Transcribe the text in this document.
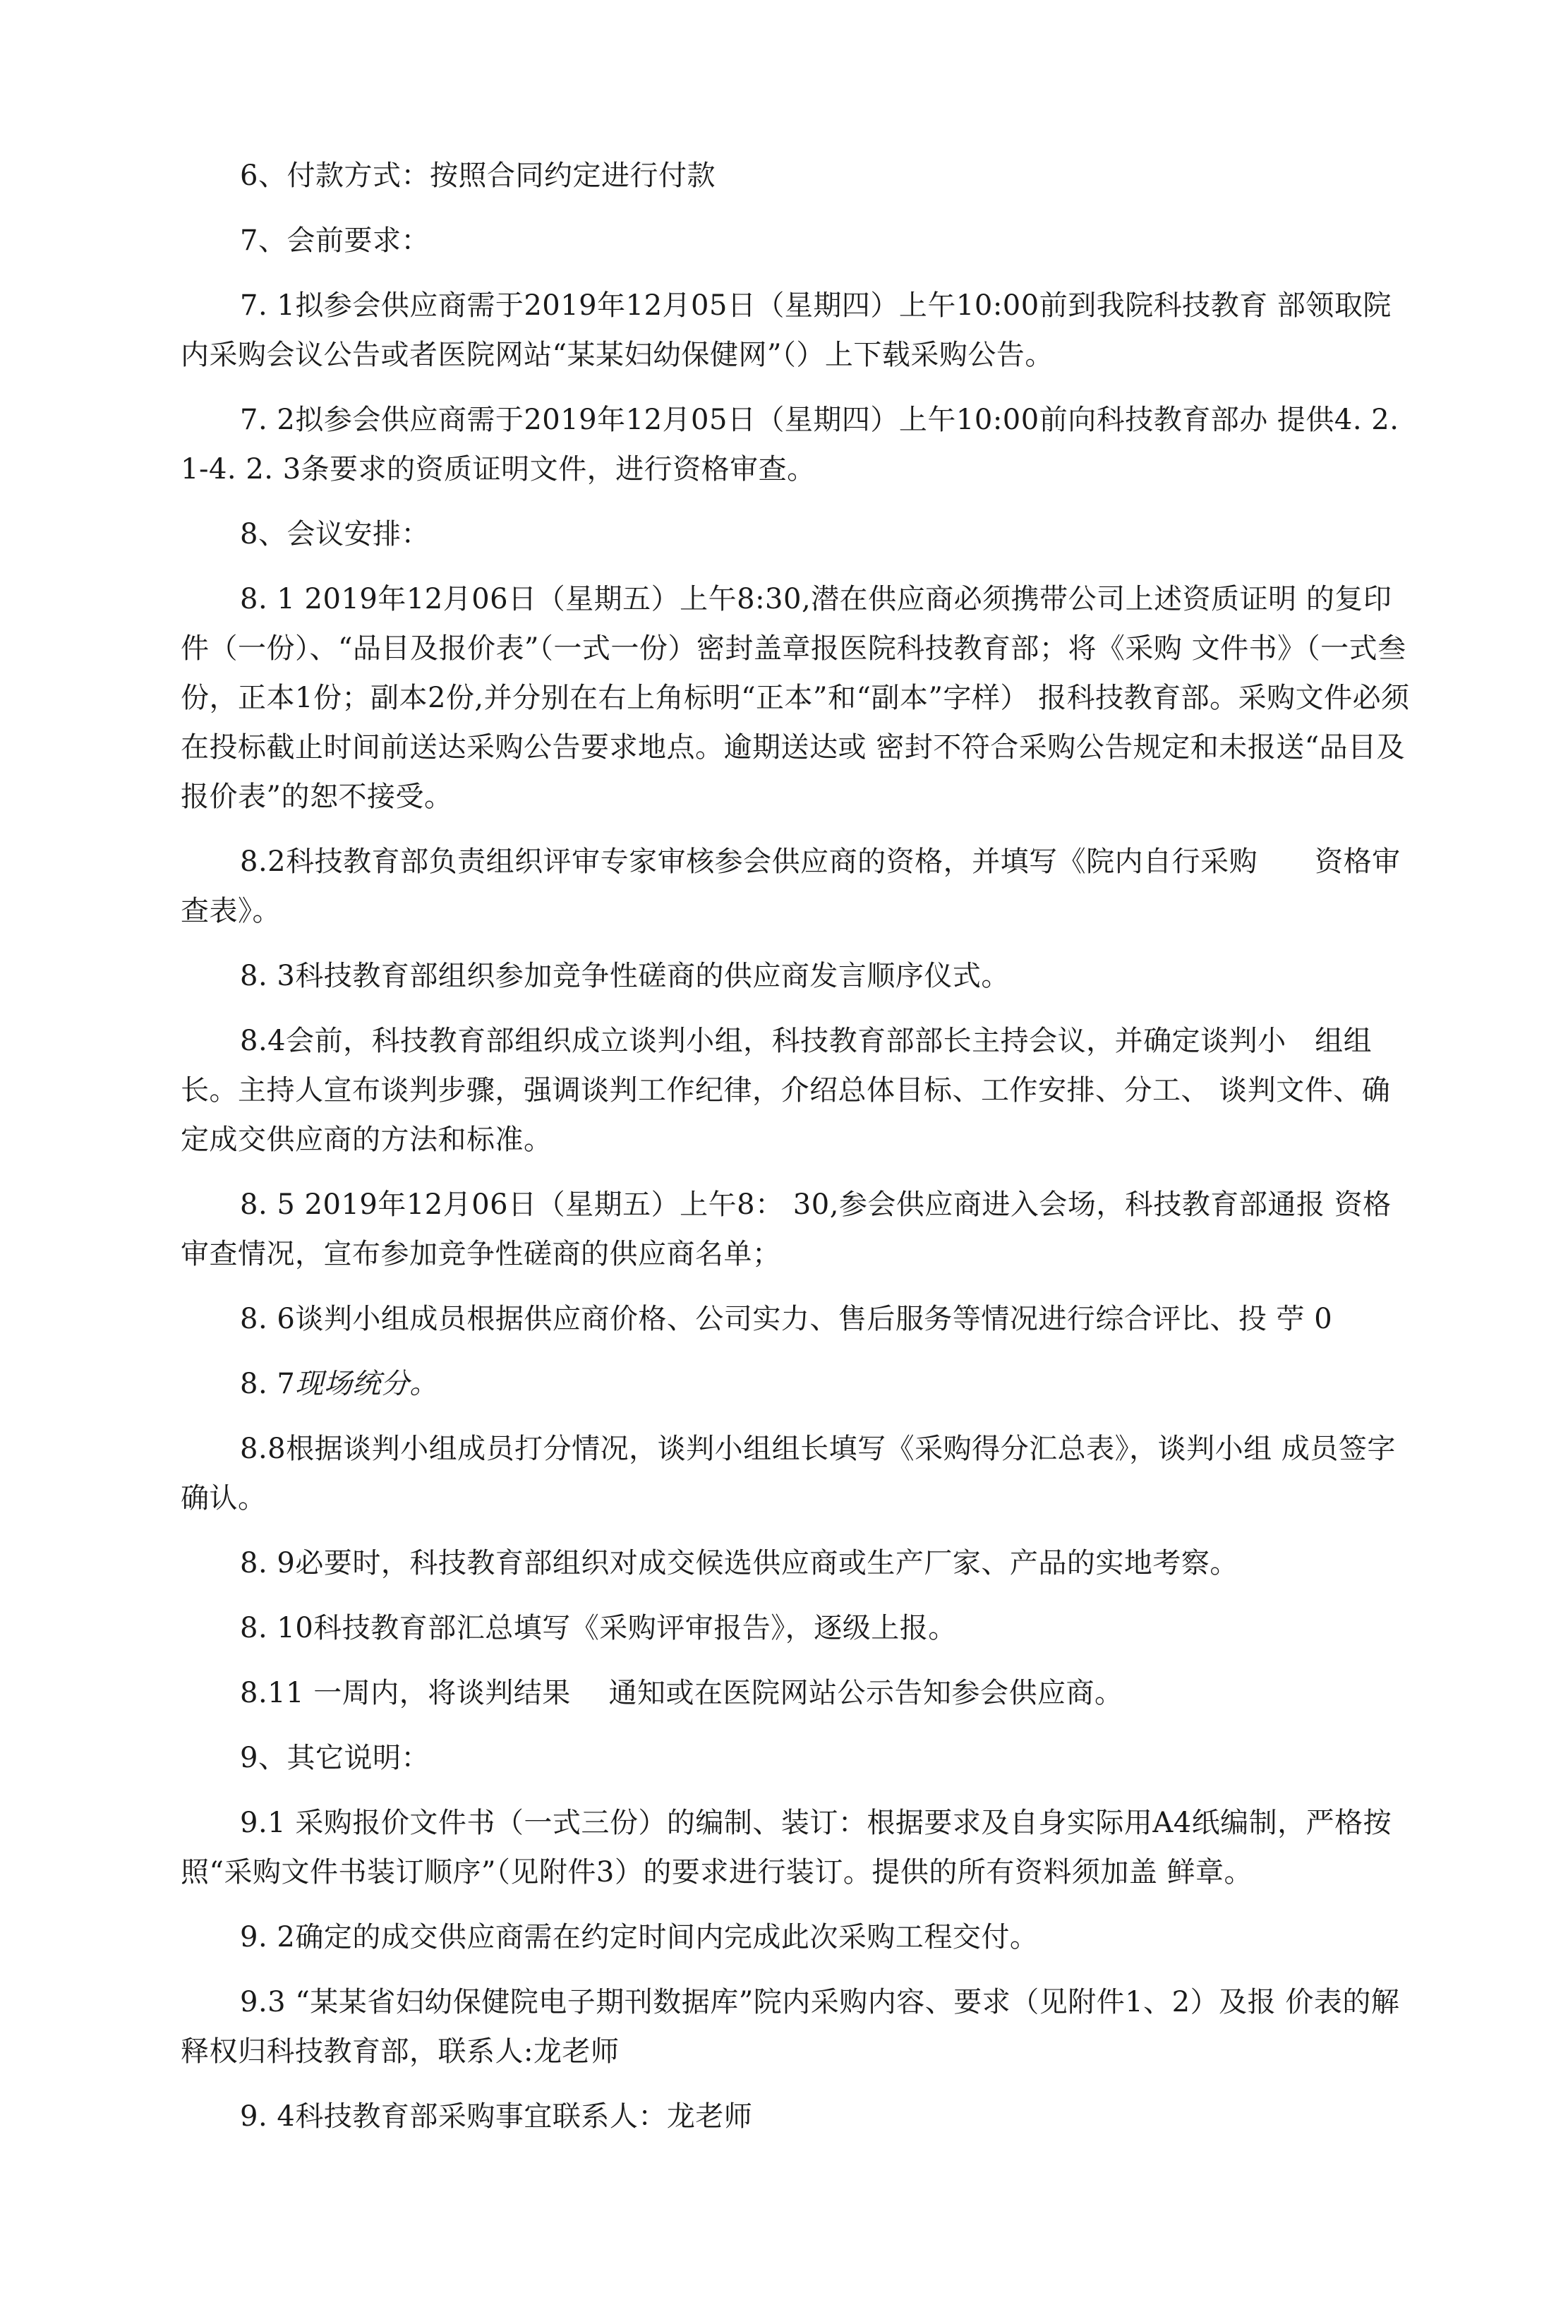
6、付款方式：按照合同约定进行付款

7、会前要求：

7. 1拟参会供应商需于2019年12月05日（星期四）上午10:00前到我院科技教育 部领取院内采购会议公告或者医院网站“某某妇幼保健网”（）上下载采购公告。

7. 2拟参会供应商需于2019年12月05日（星期四）上午10:00前向科技教育部办 提供4. 2. 1-4. 2. 3条要求的资质证明文件，进行资格审查。

8、会议安排：

8. 1 2019年12月06日（星期五）上午8:30,潜在供应商必须携带公司上述资质证明 的复印件（一份）、“品目及报价表”（一式一份）密封盖章报医院科技教育部；将《采购 文件书》（一式叁份，正本1份；副本2份,并分别在右上角标明“正本”和“副本”字样） 报科技教育部。采购文件必须在投标截止时间前送达采购公告要求地点。逾期送达或 密封不符合采购公告规定和未报送“品目及报价表”的恕不接受。

8.2科技教育部负责组织评审专家审核参会供应商的资格，并填写《院内自行采购　　资格审查表》。

8. 3科技教育部组织参加竞争性磋商的供应商发言顺序仪式。

8.4会前，科技教育部组织成立谈判小组，科技教育部部长主持会议，并确定谈判小　组组长。主持人宣布谈判步骤，强调谈判工作纪律，介绍总体目标、工作安排、分工、 谈判文件、确定成交供应商的方法和标准。

8. 5 2019年12月06日（星期五）上午8： 30,参会供应商进入会场，科技教育部通报 资格审查情况，宣布参加竞争性磋商的供应商名单；

8. 6谈判小组成员根据供应商价格、公司实力、售后服务等情况进行综合评比、投 苧 0

8. 7现场统分。

8.8根据谈判小组成员打分情况，谈判小组组长填写《采购得分汇总表》，谈判小组 成员签字确认。

8. 9必要时，科技教育部组织对成交候选供应商或生产厂家、产品的实地考察。

8. 10科技教育部汇总填写《采购评审报告》，逐级上报。

8.11 一周内，将谈判结果　 通知或在医院网站公示告知参会供应商。

9、其它说明：

9.1 采购报价文件书（一式三份）的编制、装订：根据要求及自身实际用A4纸编制，严格按照“采购文件书装订顺序”（见附件3）的要求进行装订。提供的所有资料须加盖 鲜章。

9. 2确定的成交供应商需在约定时间内完成此次采购工程交付。

9.3 “某某省妇幼保健院电子期刊数据库”院内采购内容、要求（见附件1、2）及报 价表的解释权归科技教育部，联系人:龙老师

9. 4科技教育部采购事宜联系人：龙老师
